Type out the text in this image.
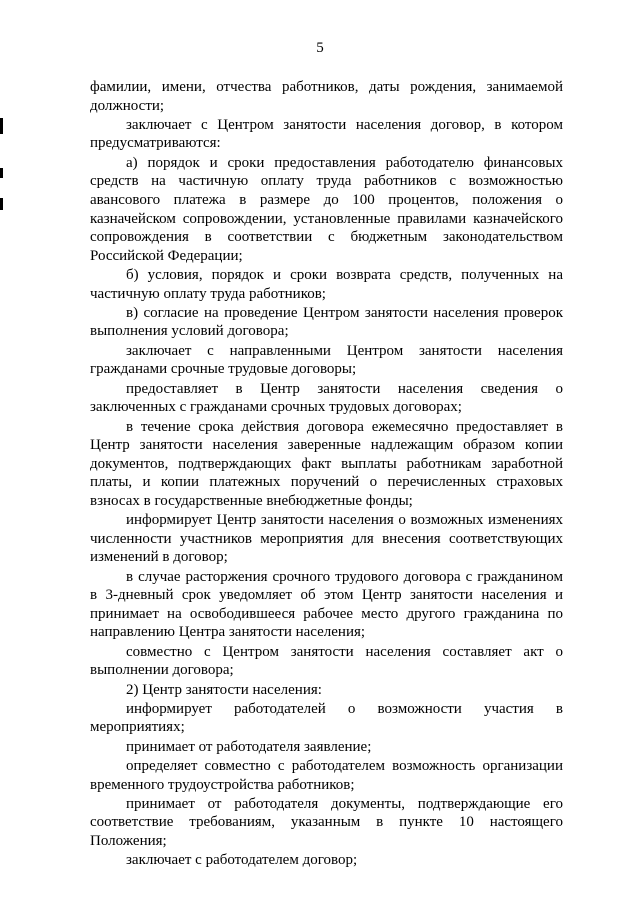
5

фамилии, имени, отчества работников, даты рождения, занимаемой должности;

заключает с Центром занятости населения договор, в котором предусматриваются:

а) порядок и сроки предоставления работодателю финансовых средств на частичную оплату труда работников с возможностью авансового платежа в размере до 100 процентов, положения о казначейском сопровождении, установленные правилами казначейского сопровождения в соответствии с бюджетным законодательством Российской Федерации;

б) условия, порядок и сроки возврата средств, полученных на частичную оплату труда работников;

в) согласие на проведение Центром занятости населения проверок выполнения условий договора;

заключает с направленными Центром занятости населения гражданами срочные трудовые договоры;

предоставляет в Центр занятости населения сведения о заключенных с гражданами срочных трудовых договорах;

в течение срока действия договора ежемесячно предоставляет в Центр занятости населения заверенные надлежащим образом копии документов, подтверждающих факт выплаты работникам заработной платы, и копии платежных поручений о перечисленных страховых взносах в государственные внебюджетные фонды;

информирует Центр занятости населения о возможных изменениях численности участников мероприятия для внесения соответствующих изменений в договор;

в случае расторжения срочного трудового договора с гражданином в 3-дневный срок уведомляет об этом Центр занятости населения и принимает на освободившееся рабочее место другого гражданина по направлению Центра занятости населения;

совместно с Центром занятости населения составляет акт о выполнении договора;

2) Центр занятости населения:

информирует работодателей о возможности участия в мероприятиях;

принимает от работодателя заявление;

определяет совместно с работодателем возможность организации временного трудоустройства работников;

принимает от работодателя документы, подтверждающие его соответствие требованиям, указанным в пункте 10 настоящего Положения;

заключает с работодателем договор;
